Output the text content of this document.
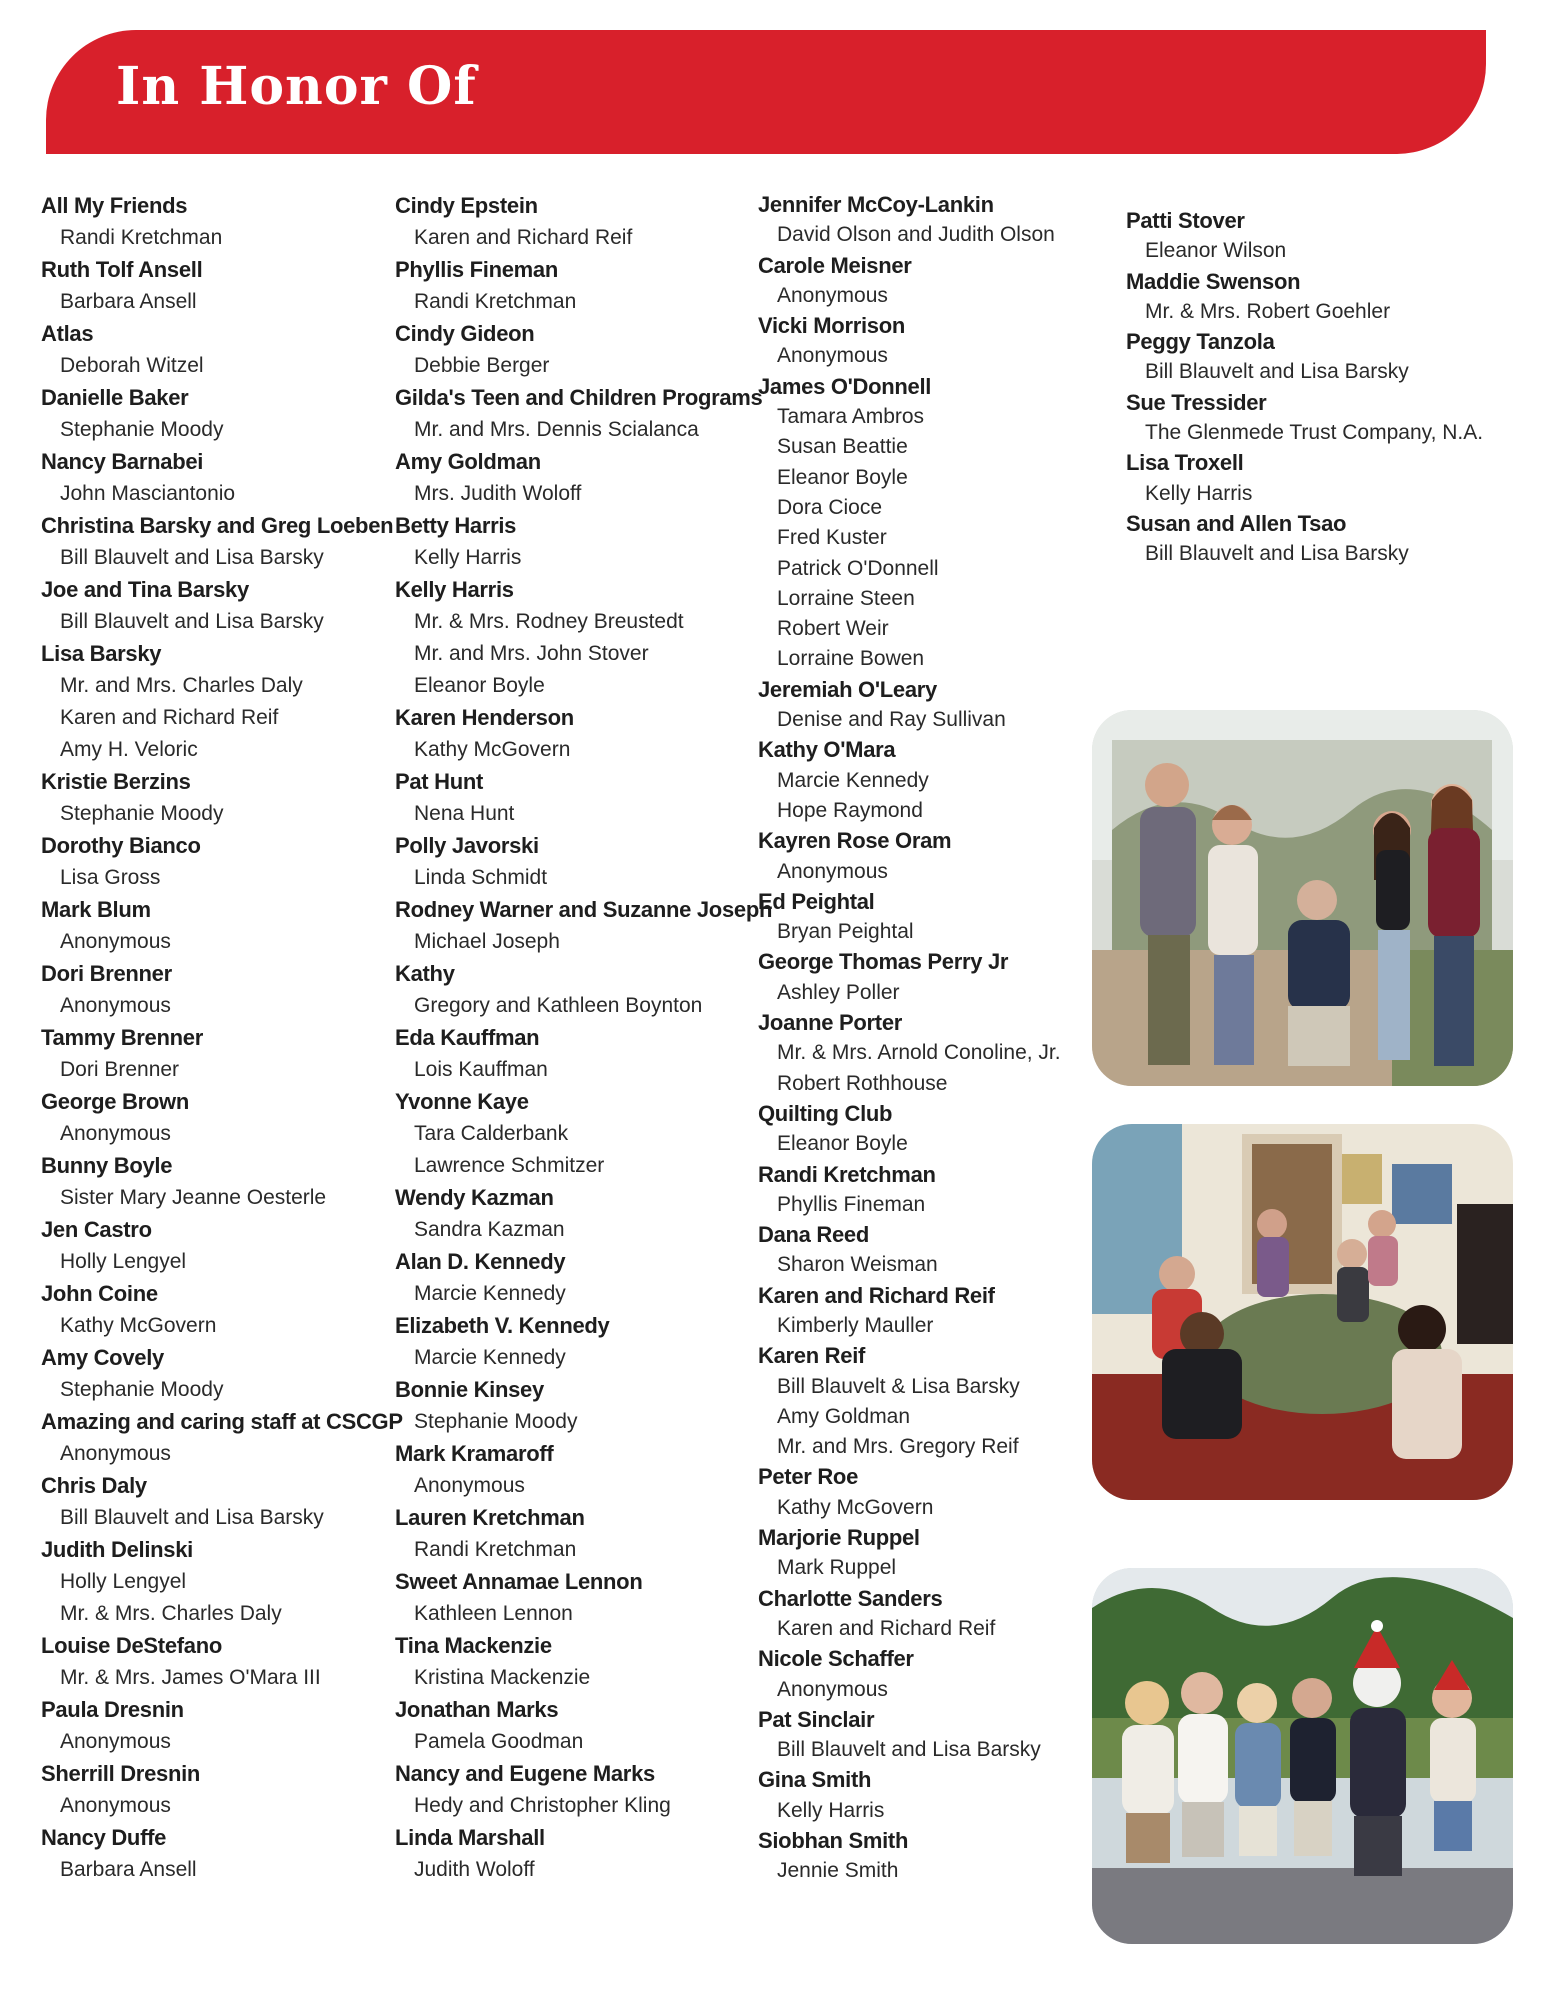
In Honor Of
All My Friends
Randi Kretchman
Ruth Tolf Ansell
Barbara Ansell
Atlas
Deborah Witzel
Danielle Baker
Stephanie Moody
Nancy Barnabei
John Masciantonio
Christina Barsky and Greg Loeben
Bill Blauvelt and Lisa Barsky
Joe and Tina Barsky
Bill Blauvelt and Lisa Barsky
Lisa Barsky
Mr. and Mrs. Charles Daly
Karen and Richard Reif
Amy H. Veloric
Kristie Berzins
Stephanie Moody
Dorothy Bianco
Lisa Gross
Mark Blum
Anonymous
Dori Brenner
Anonymous
Tammy Brenner
Dori Brenner
George Brown
Anonymous
Bunny Boyle
Sister Mary Jeanne Oesterle
Jen Castro
Holly Lengyel
John Coine
Kathy McGovern
Amy Covely
Stephanie Moody
Amazing and caring staff at CSCGP
Anonymous
Chris Daly
Bill Blauvelt and Lisa Barsky
Judith Delinski
Holly Lengyel
Mr. & Mrs. Charles Daly
Louise DeStefano
Mr. & Mrs. James O'Mara III
Paula Dresnin
Anonymous
Sherrill Dresnin
Anonymous
Nancy Duffe
Barbara Ansell
Cindy Epstein
Karen and Richard Reif
Phyllis Fineman
Randi Kretchman
Cindy Gideon
Debbie Berger
Gilda's Teen and Children Programs
Mr. and Mrs. Dennis Scialanca
Amy Goldman
Mrs. Judith Woloff
Betty Harris
Kelly Harris
Kelly Harris
Mr. & Mrs. Rodney Breustedt
Mr. and Mrs. John Stover
Eleanor Boyle
Karen Henderson
Kathy McGovern
Pat Hunt
Nena Hunt
Polly Javorski
Linda Schmidt
Rodney Warner and Suzanne Joseph
Michael Joseph
Kathy
Gregory and Kathleen Boynton
Eda Kauffman
Lois Kauffman
Yvonne Kaye
Tara Calderbank
Lawrence Schmitzer
Wendy Kazman
Sandra Kazman
Alan D. Kennedy
Marcie Kennedy
Elizabeth V. Kennedy
Marcie Kennedy
Bonnie Kinsey
Stephanie Moody
Mark Kramaroff
Anonymous
Lauren Kretchman
Randi Kretchman
Sweet Annamae Lennon
Kathleen Lennon
Tina Mackenzie
Kristina Mackenzie
Jonathan Marks
Pamela Goodman
Nancy and Eugene Marks
Hedy and Christopher Kling
Linda Marshall
Judith Woloff
Jennifer McCoy-Lankin
David Olson and Judith Olson
Carole Meisner
Anonymous
Vicki Morrison
Anonymous
James O'Donnell
Tamara Ambros
Susan Beattie
Eleanor Boyle
Dora Cioce
Fred Kuster
Patrick O'Donnell
Lorraine Steen
Robert Weir
Lorraine Bowen
Jeremiah O'Leary
Denise and Ray Sullivan
Kathy O'Mara
Marcie Kennedy
Hope Raymond
Kayren Rose Oram
Anonymous
Ed Peightal
Bryan Peightal
George Thomas Perry Jr
Ashley Poller
Joanne Porter
Mr. & Mrs. Arnold Conoline, Jr.
Robert Rothhouse
Quilting Club
Eleanor Boyle
Randi Kretchman
Phyllis Fineman
Dana Reed
Sharon Weisman
Karen and Richard Reif
Kimberly Mauller
Karen Reif
Bill Blauvelt & Lisa Barsky
Amy Goldman
Mr. and Mrs. Gregory Reif
Peter Roe
Kathy McGovern
Marjorie Ruppel
Mark Ruppel
Charlotte Sanders
Karen and Richard Reif
Nicole Schaffer
Anonymous
Pat Sinclair
Bill Blauvelt and Lisa Barsky
Gina Smith
Kelly Harris
Siobhan Smith
Jennie Smith
Patti Stover
Eleanor Wilson
Maddie Swenson
Mr. & Mrs. Robert Goehler
Peggy Tanzola
Bill Blauvelt and Lisa Barsky
Sue Tressider
The Glenmede Trust Company, N.A.
Lisa Troxell
Kelly Harris
Susan and Allen Tsao
Bill Blauvelt and Lisa Barsky
